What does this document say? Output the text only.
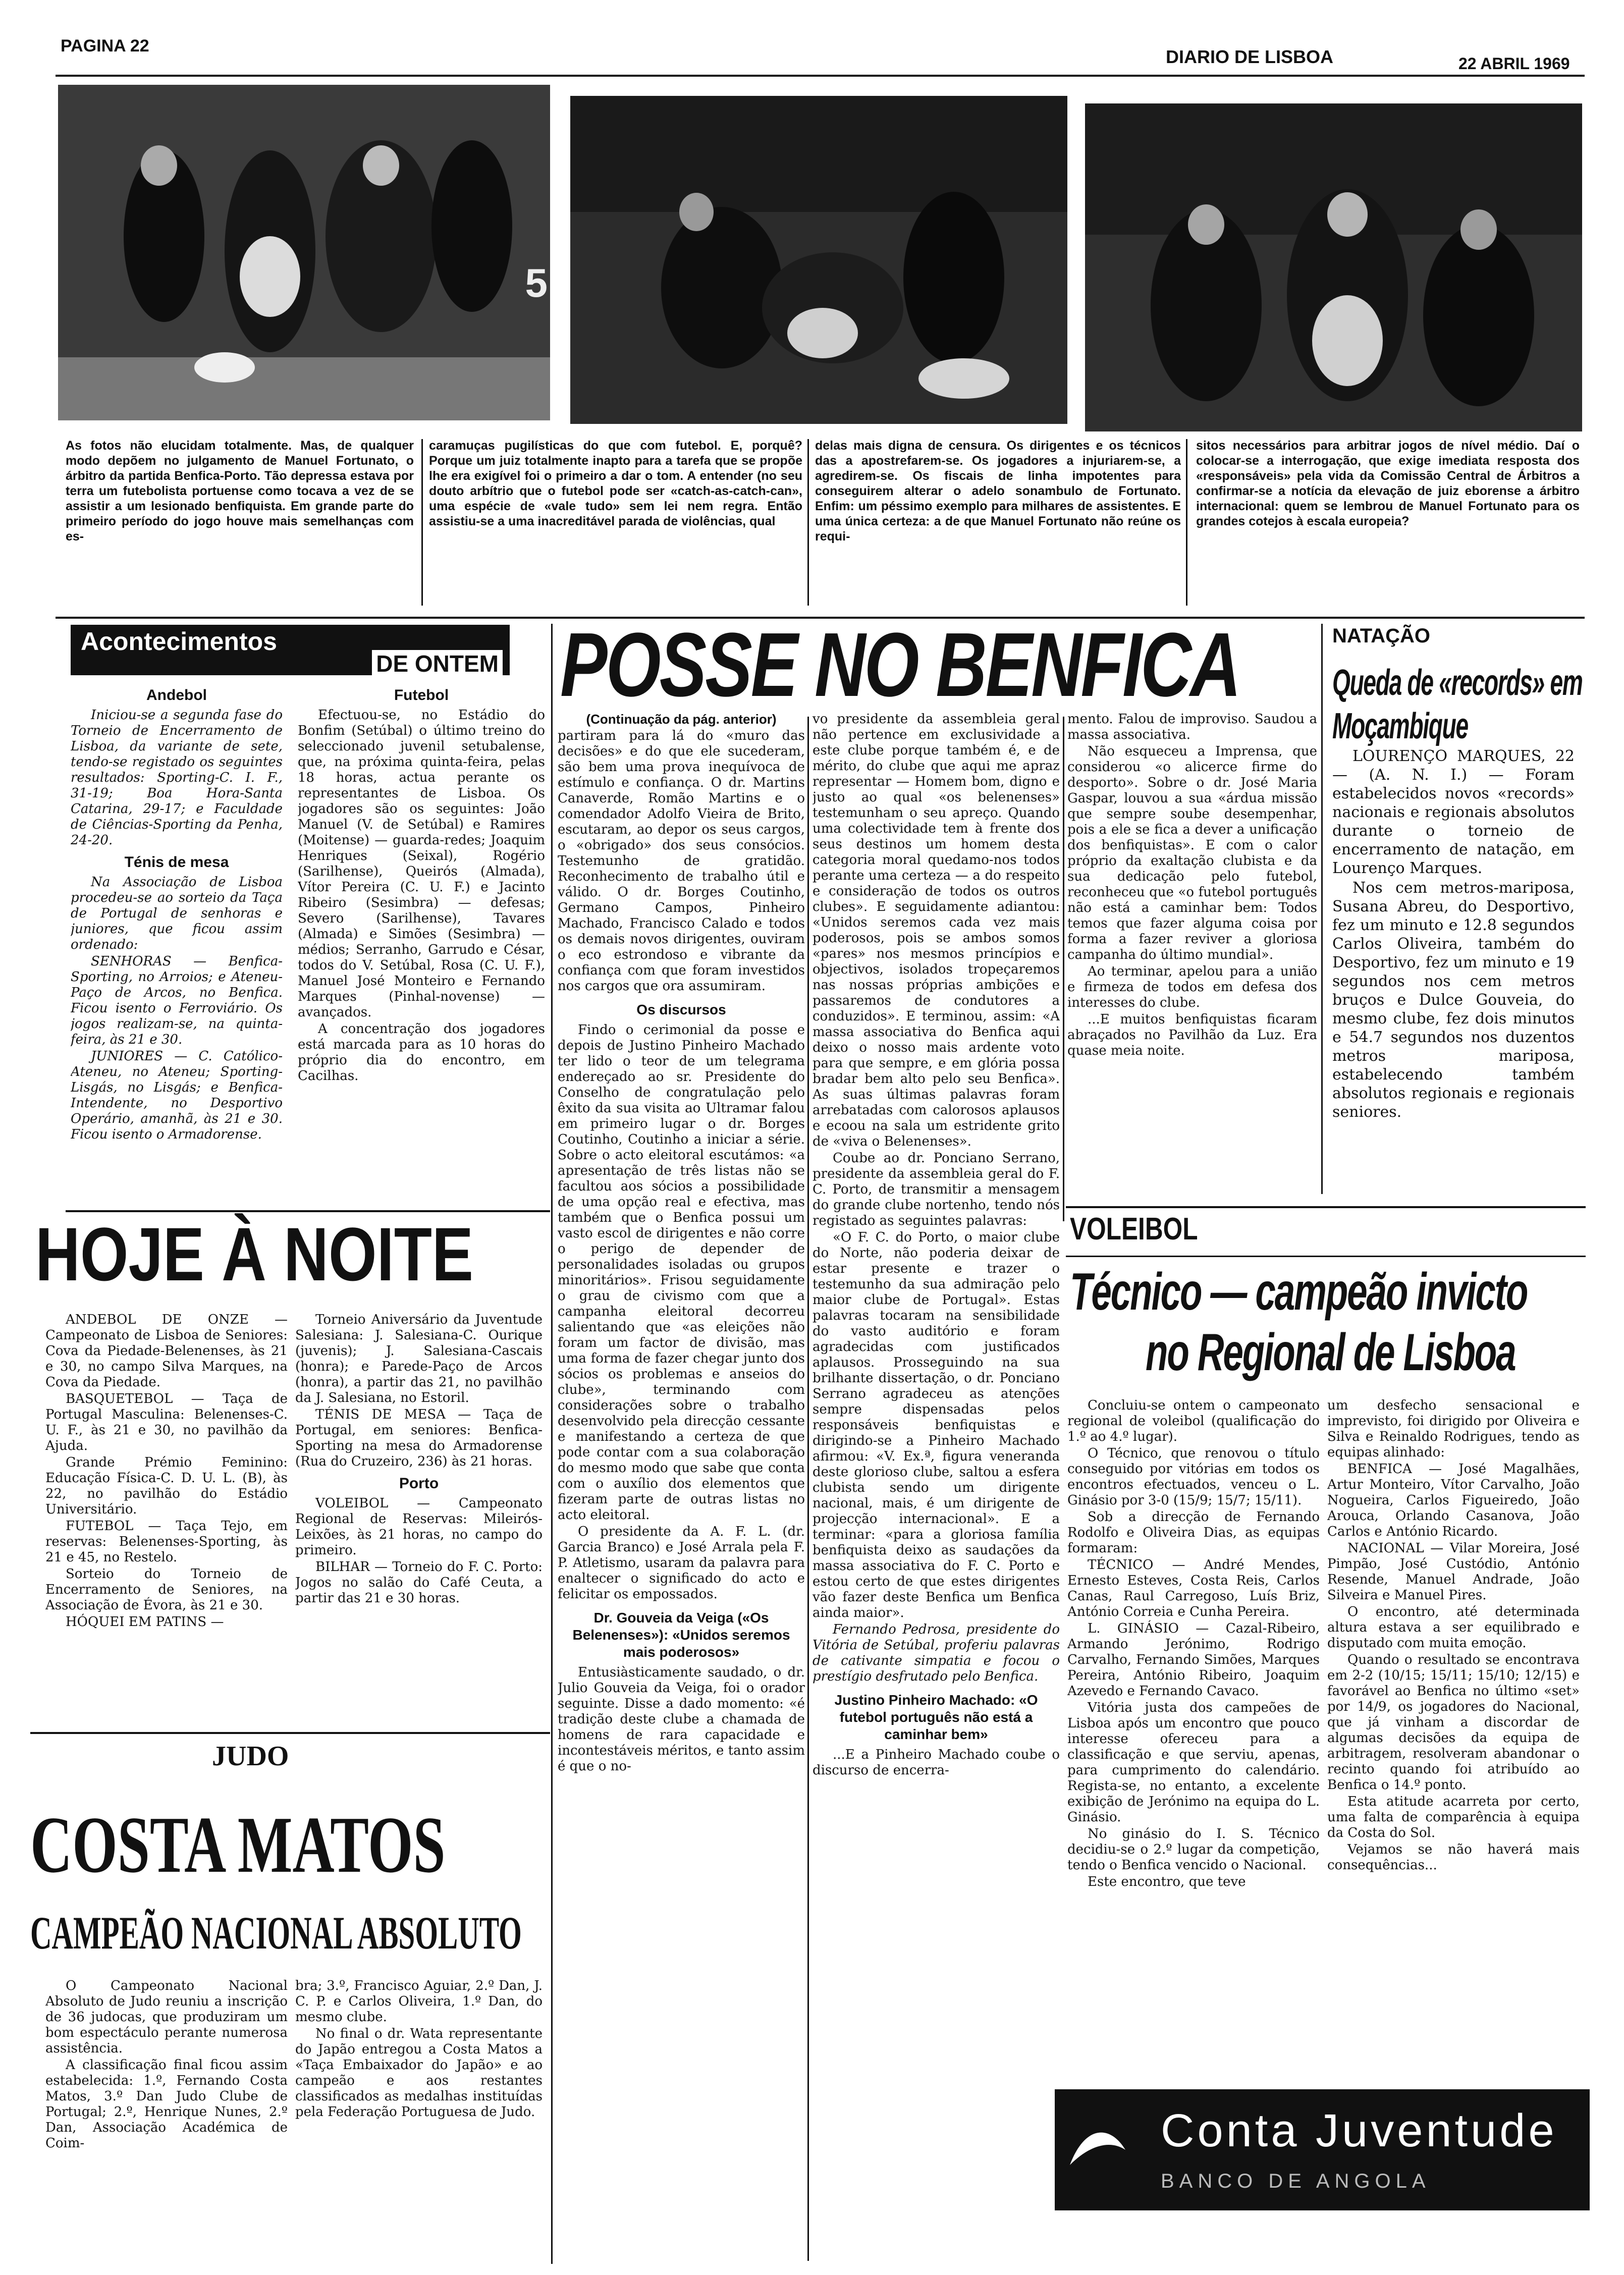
PAGINA 22
DIARIO DE LISBOA	22 ABRIL 1969
5
As fotos não elucidam totalmente. Mas, de qualquer modo depõem no julgamento de Manuel Fortunato, o árbitro da partida Benfica-Porto. Tão depressa estava por terra um futebolista portuense como tocava a vez de se assistir a um lesionado benfiquista. Em grande parte do primeiro período do jogo houve mais semelhanças com es-
caramuças pugilísticas do que com futebol. E, porquê? Porque um juiz totalmente inapto para a tarefa que se propõe lhe era exigível foi o primeiro a dar o tom. A entender (no seu douto arbítrio que o futebol pode ser «catch-as-catch-can», uma espécie de «vale tudo» sem lei nem regra. Então assistiu-se a uma inacreditável parada de violências, qual
delas mais digna de censura. Os dirigentes e os técnicos das a apostrefarem-se. Os jogadores a injuriarem-se, a agredirem-se. Os fiscais de linha impotentes para conseguirem alterar o adelo sonambulo de Fortunato. Enfim: um péssimo exemplo para milhares de assistentes. E uma única certeza: a de que Manuel Fortunato não reúne os requi-
sitos necessários para arbitrar jogos de nível médio. Daí o colocar-se a interrogação, que exige imediata resposta dos «responsáveis» pela vida da Comissão Central de Árbitros a confirmar-se a notícia da elevação de juiz eborense a árbitro internacional: quem se lembrou de Manuel Fortunato para os grandes cotejos à escala europeia?
Acontecimentos
DE ONTEM
Andebol

Iniciou-se a segunda fase do Torneio de Encerramento de Lisboa, da variante de sete, tendo-se registado os seguintes resultados: Sporting-C. I. F., 31-19; Boa Hora-Santa Catarina, 29-17; e Faculdade de Ciências-Sporting da Penha, 24-20.

Ténis de mesa

Na Associação de Lisboa procedeu-se ao sorteio da Taça de Portugal de senhoras e juniores, que ficou assim ordenado:

SENHORAS — Benfica-Sporting, no Arroios; e Ateneu-Paço de Arcos, no Benfica. Ficou isento o Ferroviário. Os jogos realizam-se, na quinta-feira, às 21 e 30.

JUNIORES — C. Católico-Ateneu, no Ateneu; Sporting-Lisgás, no Lisgás; e Benfica-Intendente, no Desportivo Operário, amanhã, às 21 e 30. Ficou isento o Armadorense.

Futebol

Efectuou-se, no Estádio do Bonfim (Setúbal) o último treino do seleccionado juvenil setubalense, que, na próxima quinta-feira, pelas 18 horas, actua perante os representantes de Lisboa. Os jogadores são os seguintes: João Manuel (V. de Setúbal) e Ramires (Moitense) — guarda-redes; Joaquim Henriques (Seixal), Rogério (Sarilhense), Queirós (Almada), Vítor Pereira (C. U. F.) e Jacinto Ribeiro (Sesimbra) — defesas; Severo (Sarilhense), Tavares (Almada) e Simões (Sesimbra) — médios; Serranho, Garrudo e César, todos do V. Setúbal, Rosa (C. U. F.), Manuel José Monteiro e Fernando Marques (Pinhal-novense) — avançados.

A concentração dos jogadores está marcada para as 10 horas do próprio dia do encontro, em Cacilhas.

HOJE À NOITE

ANDEBOL DE ONZE — Campeonato de Lisboa de Seniores: Cova da Piedade-Belenenses, às 21 e 30, no campo Silva Marques, na Cova da Piedade.

BASQUETEBOL — Taça de Portugal Masculina: Belenenses-C. U. F., às 21 e 30, no pavilhão da Ajuda.

Grande Prémio Feminino: Educação Física-C. D. U. L. (B), às 22, no pavilhão do Estádio Universitário.

FUTEBOL — Taça Tejo, em reservas: Belenenses-Sporting, às 21 e 45, no Restelo.

Sorteio do Torneio de Encerramento de Seniores, na Associação de Évora, às 21 e 30.

HÓQUEI EM PATINS —

Torneio Aniversário da Juventude Salesiana: J. Salesiana-C. Ourique (juvenis); J. Salesiana-Cascais (honra); e Parede-Paço de Arcos (honra), a partir das 21, no pavilhão da J. Salesiana, no Estoril.

TÉNIS DE MESA — Taça de Portugal, em seniores: Benfica-Sporting na mesa do Armadorense (Rua do Cruzeiro, 236) às 21 horas.

Porto

VOLEIBOL — Campeonato Regional de Reservas: Mileirós-Leixões, às 21 horas, no campo do primeiro.

BILHAR — Torneio do F. C. Porto: Jogos no salão do Café Ceuta, a partir das 21 e 30 horas.

JUDO
COSTA MATOS
CAMPEÃO NACIONAL ABSOLUTO

O Campeonato Nacional Absoluto de Judo reuniu a inscrição de 36 judocas, que produziram um bom espectáculo perante numerosa assistência.

A classificação final ficou assim estabelecida: 1.º, Fernando Costa Matos, 3.º Dan Judo Clube de Portugal; 2.º, Henrique Nunes, 2.º Dan, Associação Académica de Coim-

bra; 3.º, Francisco Aguiar, 2.º Dan, J. C. P. e Carlos Oliveira, 1.º Dan, do mesmo clube.

No final o dr. Wata representante do Japão entregou a Costa Matos a «Taça Embaixador do Japão» e ao campeão e aos restantes classificados as medalhas instituídas pela Federação Portuguesa de Judo.

POSSE NO BENFICA

(Continuação da pág. anterior)

partiram para lá do «muro das decisões» e do que ele sucederam, são bem uma prova inequívoca de estímulo e confiança. O dr. Martins Canaverde, Romão Martins e o comendador Adolfo Vieira de Brito, escutaram, ao depor os seus cargos, o «obrigado» dos seus consócios. Testemunho de gratidão. Reconhecimento de trabalho útil e válido. O dr. Borges Coutinho, Germano Campos, Pinheiro Machado, Francisco Calado e todos os demais novos dirigentes, ouviram o eco estrondoso e vibrante da confiança com que foram investidos nos cargos que ora assumiram.

Os discursos

Findo o cerimonial da posse e depois de Justino Pinheiro Machado ter lido o teor de um telegrama endereçado ao sr. Presidente do Conselho de congratulação pelo êxito da sua visita ao Ultramar falou em primeiro lugar o dr. Borges Coutinho, Coutinho a iniciar a série. Sobre o acto eleitoral escutámos: «a apresentação de três listas não se facultou aos sócios a possibilidade de uma opção real e efectiva, mas também que o Benfica possui um vasto escol de dirigentes e não corre o perigo de depender de personalidades isoladas ou grupos minoritários». Frisou seguidamente o grau de civismo com que a campanha eleitoral decorreu salientando que «as eleições não foram um factor de divisão, mas uma forma de fazer chegar junto dos sócios os problemas e anseios do clube», terminando com considerações sobre o trabalho desenvolvido pela direcção cessante e manifestando a certeza de que pode contar com a sua colaboração do mesmo modo que sabe que conta com o auxílio dos elementos que fizeram parte de outras listas no acto eleitoral.

O presidente da A. F. L. (dr. Garcia Branco) e José Arrala pela F. P. Atletismo, usaram da palavra para enaltecer o significado do acto e felicitar os empossados.

Dr. Gouveia da Veiga («Os Belenenses»): «Unidos seremos mais poderosos»

Entusiàsticamente saudado, o dr. Julio Gouveia da Veiga, foi o orador seguinte. Disse a dado momento: «é tradição deste clube a chamada de homens de rara capacidade e incontestáveis méritos, e tanto assim é que o no-

vo presidente da assembleia geral não pertence em exclusividade a este clube porque também é, e de mérito, do clube que aqui me apraz representar — Homem bom, digno e justo ao qual «os belenenses» testemunham o seu apreço. Quando uma colectividade tem à frente dos seus destinos um homem desta categoria moral quedamo-nos todos perante uma certeza — a do respeito e consideração de todos os outros clubes». E seguidamente adiantou: «Unidos seremos cada vez mais poderosos, pois se ambos somos «pares» nos mesmos princípios e objectivos, isolados tropeçaremos nas nossas próprias ambições e passaremos de condutores a conduzidos». E terminou, assim: «A massa associativa do Benfica aqui deixo o nosso mais ardente voto para que sempre, e em glória possa bradar bem alto pelo seu Benfica». As suas últimas palavras foram arrebatadas com calorosos aplausos e ecoou na sala um estridente grito de «viva o Belenenses».

Coube ao dr. Ponciano Serrano, presidente da assembleia geral do F. C. Porto, de transmitir a mensagem do grande clube nortenho, tendo nós registado as seguintes palavras:

«O F. C. do Porto, o maior clube do Norte, não poderia deixar de estar presente e trazer o testemunho da sua admiração pelo maior clube de Portugal». Estas palavras tocaram na sensibilidade do vasto auditório e foram agradecidas com justificados aplausos. Prosseguindo na sua brilhante dissertação, o dr. Ponciano Serrano agradeceu as atenções sempre dispensadas pelos responsáveis benfiquistas e dirigindo-se a Pinheiro Machado afirmou: «V. Ex.ª, figura veneranda deste glorioso clube, saltou a esfera clubista sendo um dirigente nacional, mais, é um dirigente de projecção internacional». E a terminar: «para a gloriosa família benfiquista deixo as saudações da massa associativa do F. C. Porto e estou certo de que estes dirigentes vão fazer deste Benfica um Benfica ainda maior».

Fernando Pedrosa, presidente do Vitória de Setúbal, proferiu palavras de cativante simpatia e focou o prestígio desfrutado pelo Benfica.

Justino Pinheiro Machado: «O futebol português não está a caminhar bem»

...E a Pinheiro Machado coube o discurso de encerra-

mento. Falou de improviso. Saudou a massa associativa.

Não esqueceu a Imprensa, que considerou «o alicerce firme do desporto». Sobre o dr. José Maria Gaspar, louvou a sua «árdua missão que sempre soube desempenhar, pois a ele se fica a dever a unificação dos benfiquistas». E com o calor próprio da exaltação clubista e da sua dedicação pelo futebol, reconheceu que «o futebol português não está a caminhar bem: Todos temos que fazer alguma coisa por forma a fazer reviver a gloriosa campanha do último mundial».

Ao terminar, apelou para a união e firmeza de todos em defesa dos interesses do clube.

...E muitos benfiquistas ficaram abraçados no Pavilhão da Luz. Era quase meia noite.

NATAÇÃO
Queda de «records» em Moçambique

LOURENÇO MARQUES, 22 — (A. N. I.) — Foram estabelecidos novos «records» nacionais e regionais absolutos durante o torneio de encerramento de natação, em Lourenço Marques.

Nos cem metros-mariposa, Susana Abreu, do Desportivo, fez um minuto e 12.8 segundos Carlos Oliveira, também do Desportivo, fez um minuto e 19 segundos nos cem metros bruços e Dulce Gouveia, do mesmo clube, fez dois minutos e 54.7 segundos nos duzentos metros mariposa, estabelecendo também absolutos regionais e regionais seniores.

VOLEIBOL
Técnico — campeão invicto
no Regional de Lisboa

Concluiu-se ontem o campeonato regional de voleibol (qualificação do 1.º ao 4.º lugar).

O Técnico, que renovou o título conseguido por vitórias em todos os encontros efectuados, venceu o L. Ginásio por 3-0 (15/9; 15/7; 15/11).

Sob a direcção de Fernando Rodolfo e Oliveira Dias, as equipas formaram:

TÉCNICO — André Mendes, Ernesto Esteves, Costa Reis, Carlos Canas, Raul Carregoso, Luís Briz, António Correia e Cunha Pereira.

L. GINÁSIO — Cazal-Ribeiro, Armando Jerónimo, Rodrigo Carvalho, Fernando Simões, Marques Pereira, António Ribeiro, Joaquim Azevedo e Fernando Cavaco.

Vitória justa dos campeões de Lisboa após um encontro que pouco interesse ofereceu para a classificação e que serviu, apenas, para cumprimento do calendário. Regista-se, no entanto, a excelente exibição de Jerónimo na equipa do L. Ginásio.

No ginásio do I. S. Técnico decidiu-se o 2.º lugar da competição, tendo o Benfica vencido o Nacional.

Este encontro, que teve

um desfecho sensacional e imprevisto, foi dirigido por Oliveira e Silva e Reinaldo Rodrigues, tendo as equipas alinhado:

BENFICA — José Magalhães, Artur Monteiro, Vítor Carvalho, João Nogueira, Carlos Figueiredo, João Arouca, Orlando Casanova, João Carlos e António Ricardo.

NACIONAL — Vilar Moreira, José Pimpão, José Custódio, António Resende, Manuel Andrade, João Silveira e Manuel Pires.

O encontro, até determinada altura estava a ser equilibrado e disputado com muita emoção.

Quando o resultado se encontrava em 2-2 (10/15; 15/11; 15/10; 12/15) e favorável ao Benfica no último «set» por 14/9, os jogadores do Nacional, que já vinham a discordar de algumas decisões da equipa de arbitragem, resolveram abandonar o recinto quando foi atribuído ao Benfica o 14.º ponto.

Esta atitude acarreta por certo, uma falta de comparência à equipa da Costa do Sol.

Vejamos se não haverá mais consequências...

Conta Juventude
BANCO DE ANGOLA
